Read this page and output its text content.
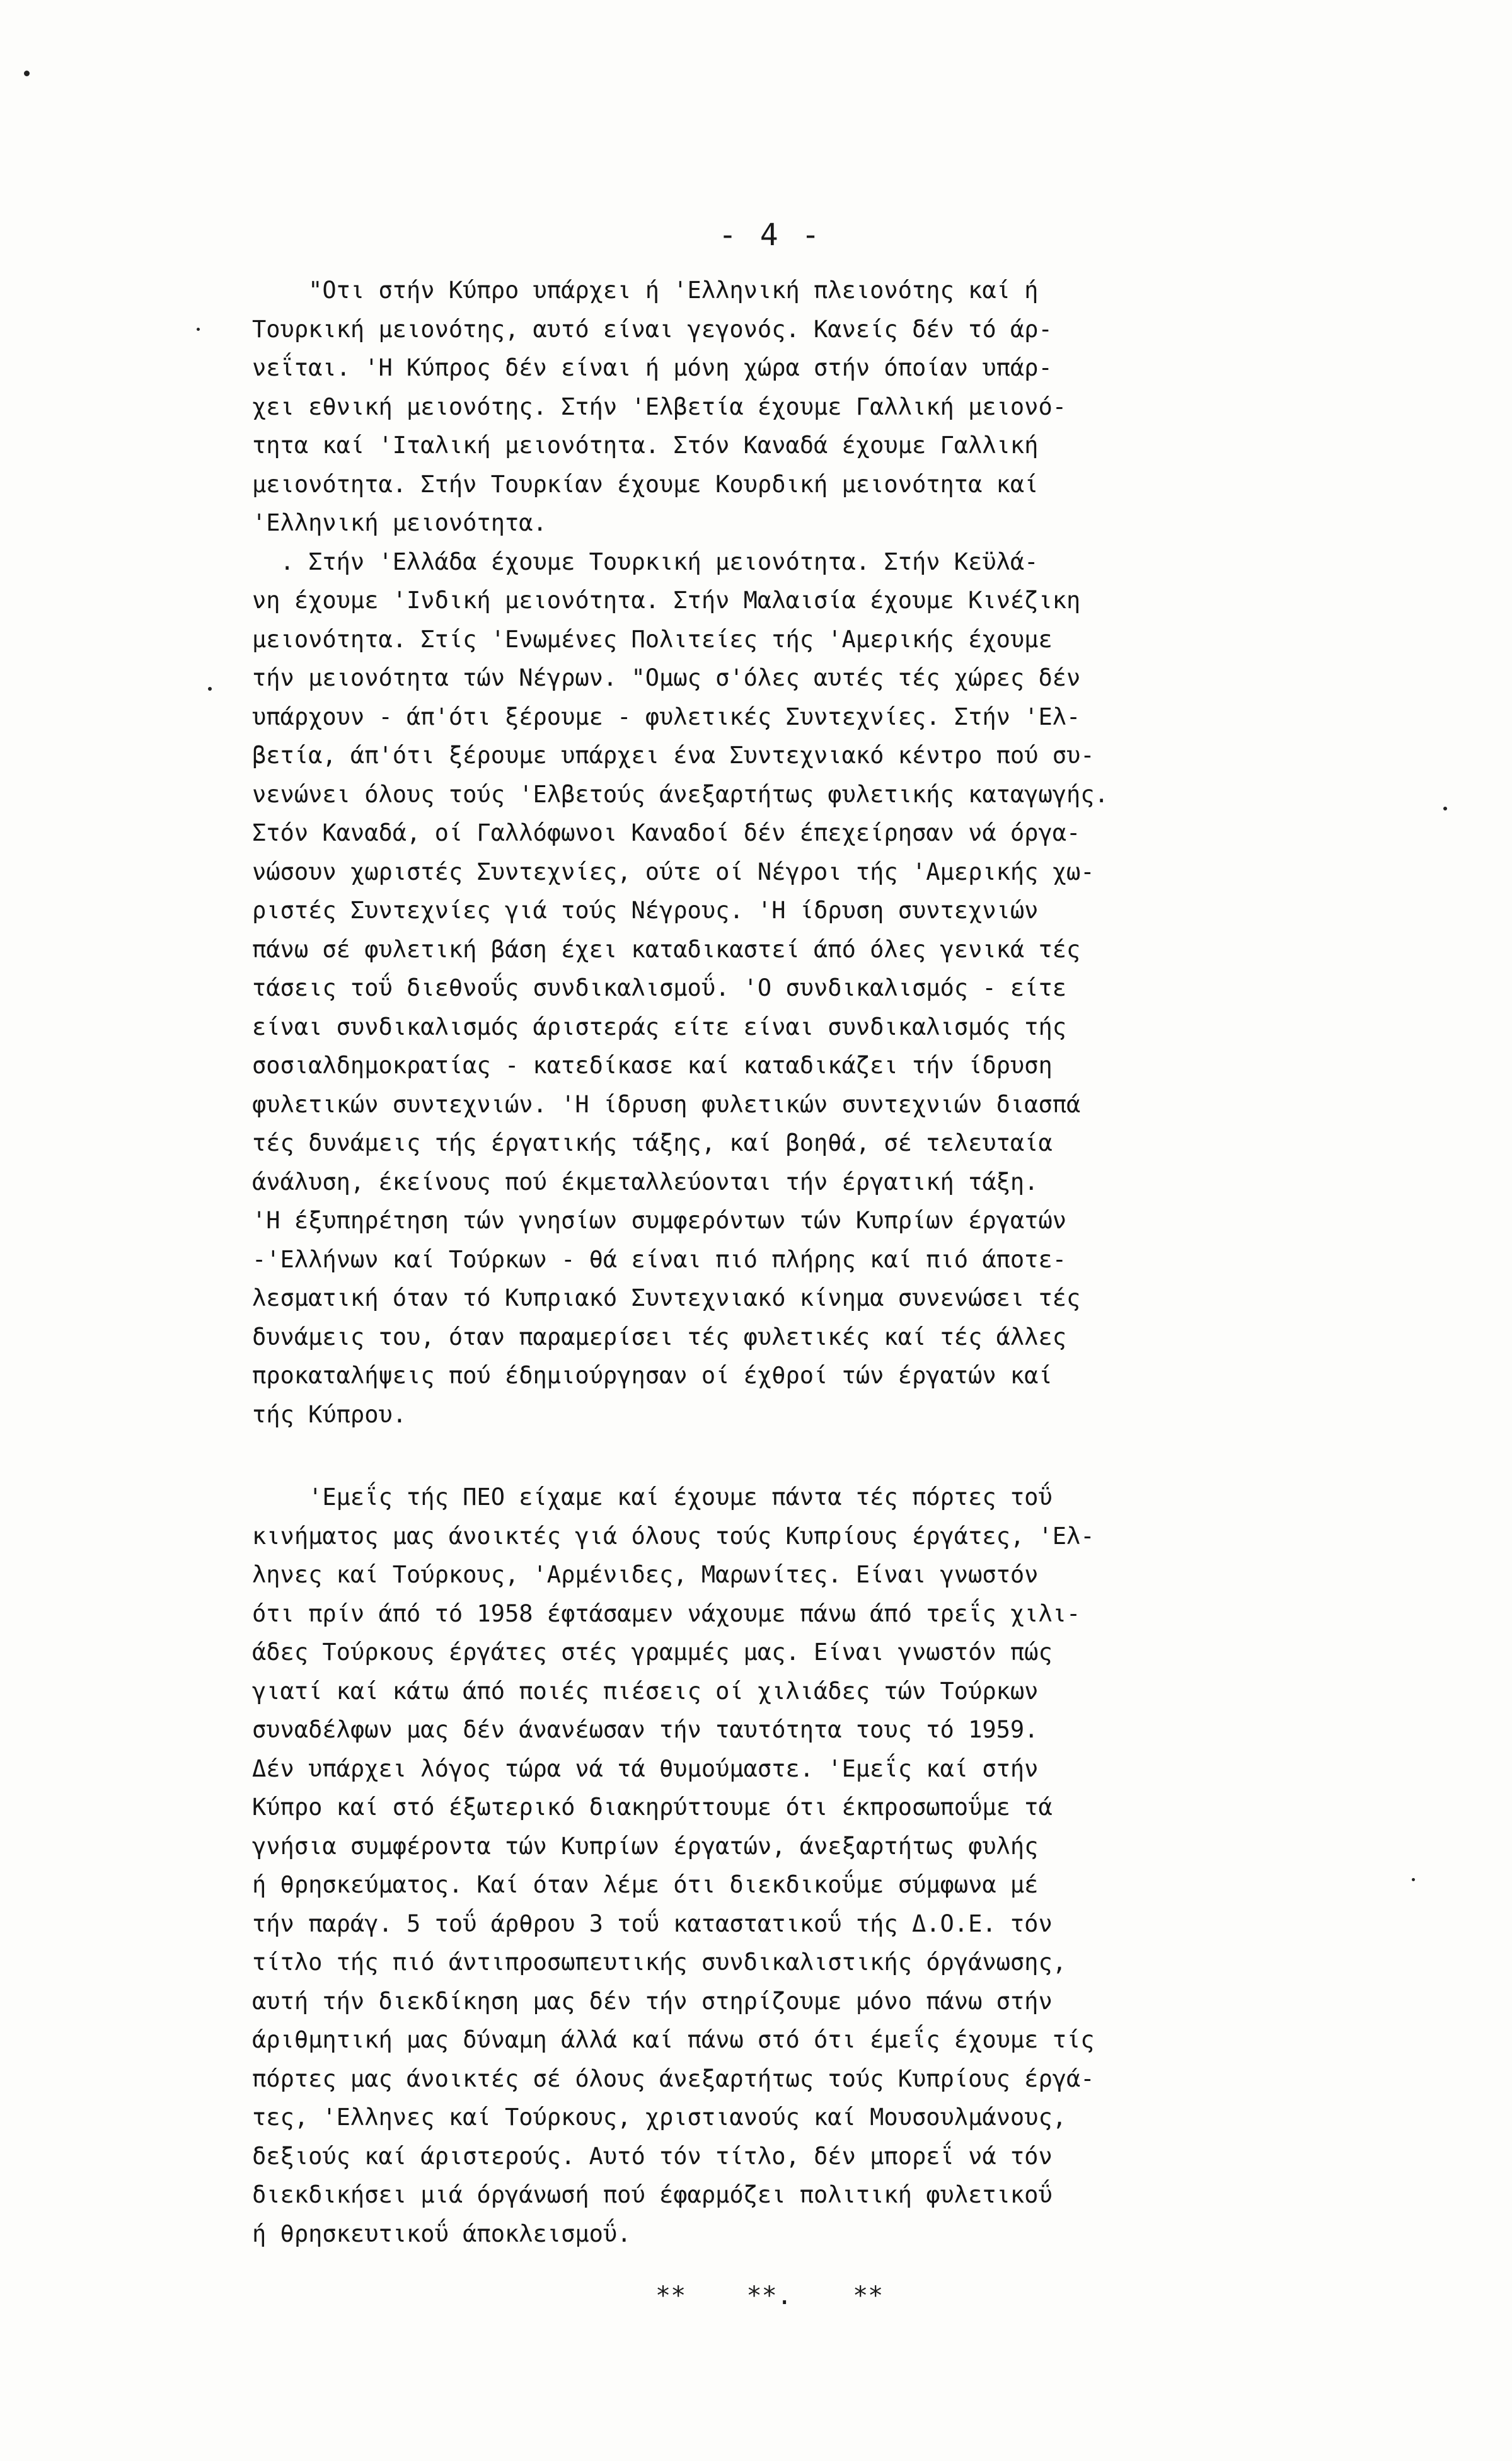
- 4 -
"Οτι στήν Κύπρο υπάρχει ή 'Ελληνική πλειονότης καί ή
Τουρκική μειονότης, αυτό είναι γεγονός. Κανείς δέν τό άρ-
νεΐται. 'Η Κύπρος δέν είναι ή μόνη χώρα στήν όποίαν υπάρ-
χει εθνική μειονότης. Στήν 'Ελβετία έχουμε Γαλλική μειονό-
τητα καί 'Ιταλική μειονότητα. Στόν Καναδά έχουμε Γαλλική
μειονότητα. Στήν Τουρκίαν έχουμε Κουρδική μειονότητα καί
'Ελληνική μειονότητα.
. Στήν 'Ελλάδα έχουμε Τουρκική μειονότητα. Στήν Κεϋλά-
νη έχουμε 'Ινδική μειονότητα. Στήν Μαλαισία έχουμε Κινέζικη
μειονότητα. Στίς 'Ενωμένες Πολιτείες τής 'Αμερικής έχουμε
τήν μειονότητα τών Νέγρων. "Ομως σ'όλες αυτές τές χώρες δέν
υπάρχουν - άπ'ότι ξέρουμε - φυλετικές Συντεχνίες. Στήν 'Ελ-
βετία, άπ'ότι ξέρουμε υπάρχει ένα Συντεχνιακό κέντρο πού συ-
νενώνει όλους τούς 'Ελβετούς άνεξαρτήτως φυλετικής καταγωγής.
Στόν Καναδά, οί Γαλλόφωνοι Καναδοί δέν έπεχείρησαν νά όργα-
νώσουν χωριστές Συντεχνίες, ούτε οί Νέγροι τής 'Αμερικής χω-
ριστές Συντεχνίες γιά τούς Νέγρους. 'Η ίδρυση συντεχνιών
πάνω σέ φυλετική βάση έχει καταδικαστεί άπό όλες γενικά τές
τάσεις τοΰ διεθνοΰς συνδικαλισμοΰ. 'Ο συνδικαλισμός - είτε
είναι συνδικαλισμός άριστεράς είτε είναι συνδικαλισμός τής
σοσιαλδημοκρατίας - κατεδίκασε καί καταδικάζει τήν ίδρυση
φυλετικών συντεχνιών. 'Η ίδρυση φυλετικών συντεχνιών διασπά
τές δυνάμεις τής έργατικής τάξης, καί βοηθά, σέ τελευταία
άνάλυση, έκείνους πού έκμεταλλεύονται τήν έργατική τάξη.
'Η έξυπηρέτηση τών γνησίων συμφερόντων τών Κυπρίων έργατών
-'Ελλήνων καί Τούρκων - θά είναι πιό πλήρης καί πιό άποτε-
λεσματική όταν τό Κυπριακό Συντεχνιακό κίνημα συνενώσει τές
δυνάμεις του, όταν παραμερίσει τές φυλετικές καί τές άλλες
προκαταλήψεις πού έδημιούργησαν οί έχθροί τών έργατών καί
τής Κύπρου.
'Εμεΐς τής ΠΕΟ είχαμε καί έχουμε πάντα τές πόρτες τοΰ
κινήματος μας άνοικτές γιά όλους τούς Κυπρίους έργάτες, 'Ελ-
ληνες καί Τούρκους, 'Αρμένιδες, Μαρωνίτες. Είναι γνωστόν
ότι πρίν άπό τό 1958 έφτάσαμεν νάχουμε πάνω άπό τρεΐς χιλι-
άδες Τούρκους έργάτες στές γραμμές μας. Είναι γνωστόν πώς
γιατί καί κάτω άπό ποιές πιέσεις οί χιλιάδες τών Τούρκων
συναδέλφων μας δέν άνανέωσαν τήν ταυτότητα τους τό 1959.
Δέν υπάρχει λόγος τώρα νά τά θυμούμαστε. 'Εμεΐς καί στήν
Κύπρο καί στό έξωτερικό διακηρύττουμε ότι έκπροσωποΰμε τά
γνήσια συμφέροντα τών Κυπρίων έργατών, άνεξαρτήτως φυλής
ή θρησκεύματος. Καί όταν λέμε ότι διεκδικοΰμε σύμφωνα μέ
τήν παράγ. 5 τοΰ άρθρου 3 τοΰ καταστατικοΰ τής Δ.Ο.Ε. τόν
τίτλο τής πιό άντιπροσωπευτικής συνδικαλιστικής όργάνωσης,
αυτή τήν διεκδίκηση μας δέν τήν στηρίζουμε μόνο πάνω στήν
άριθμητική μας δύναμη άλλά καί πάνω στό ότι έμεΐς έχουμε τίς
πόρτες μας άνοικτές σέ όλους άνεξαρτήτως τούς Κυπρίους έργά-
τες, 'Ελληνες καί Τούρκους, χριστιανούς καί Μουσουλμάνους,
δεξιούς καί άριστερούς. Αυτό τόν τίτλο, δέν μπορεΐ νά τόν
διεκδικήσει μιά όργάνωσή πού έφαρμόζει πολιτική φυλετικοΰ
ή θρησκευτικοΰ άποκλεισμοΰ.
**    **.    **
